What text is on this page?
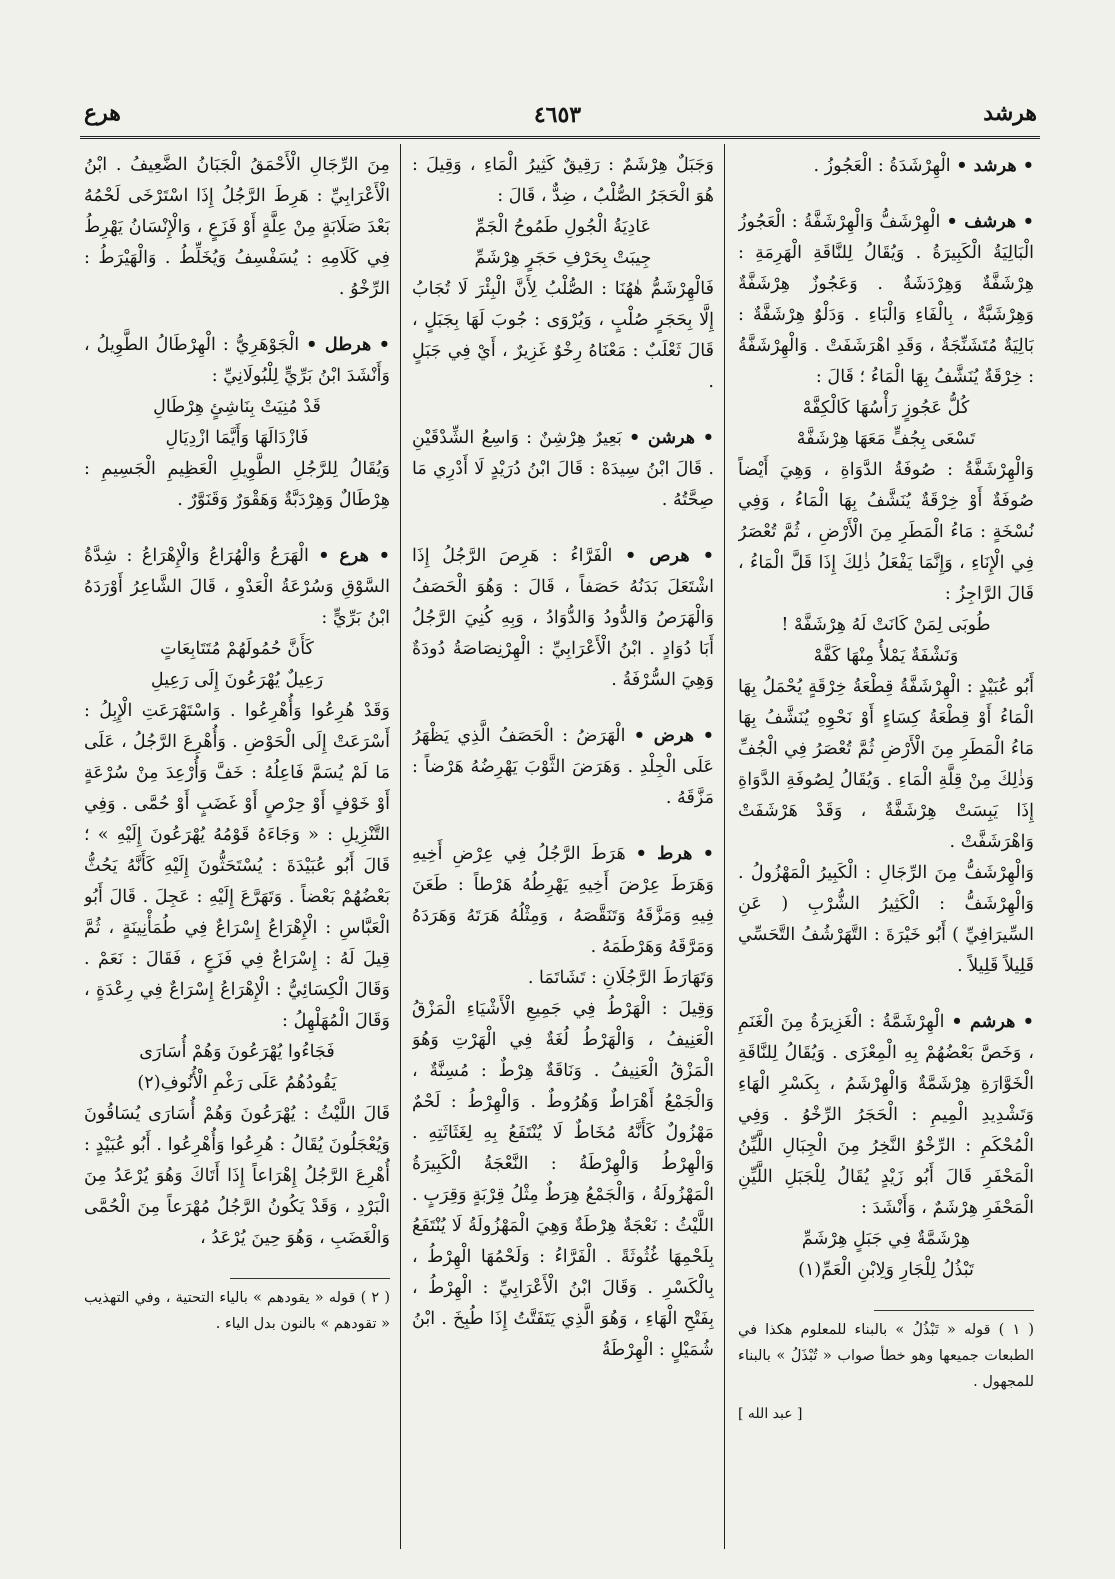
هرشد
٤٦٥٣
هرع

• هرشد • الْهِرْشَدَةُ : الْعَجُوزُ .

• هرشف • الْهِرْشَفُّ وَالْهِرْشَفَّةُ : الْعَجُوزُ الْبَالِيَةُ الْكَبِيرَةُ . وَيُقَالُ لِلنَّاقَةِ الْهَرِمَةِ : هِرْشَفَّةٌ وَهِرْدَشَةٌ . وَعَجُوزٌ هِرْشَفَّةٌ وَهِرْشَبَّةٌ ، بِالْفَاءِ وَالْبَاءِ . وَدَلْوٌ هِرْشَفَّةٌ : بَالِيَةٌ مُتَشَنِّجَةٌ ، وَقَدِ اهْرَشَفَتْ . وَالْهِرْشَفَّةُ : خِرْقَةٌ يُنَشَّفُ بِهَا الْمَاءُ ؛ قَالَ :

كُلُّ عَجُوزٍ رَأْسُهَا كَالْكِفَّهْ

تَسْعَى بِجُفٍّ مَعَهَا هِرْشَفَّهْ

وَالْهِرْشَفَّةُ : صُوفَةُ الدَّوَاةِ ، وَهِيَ أَيْضاً صُوفَةٌ أَوْ خِرْقَةٌ يُنَشَّفُ بِهَا الْمَاءُ ، وَفِي نُسْخَةٍ : مَاءُ الْمَطَرِ مِنَ الْأَرْضِ ، ثُمَّ تُعْصَرُ فِي الْإِنَاءِ ، وَإِنَّمَا يَفْعَلُ ذٰلِكَ إِذَا قَلَّ الْمَاءُ ، قَالَ الرَّاجِزُ :

طُوبَى لِمَنْ كَانَتْ لَهُ هِرْشَفَّهْ !

وَنَشْفَةٌ يَمْلأُ مِنْهَا كَفَّهْ

أَبُو عُبَيْدٍ : الْهِرْشَفَّةُ قِطْعَةُ خِرْقَةٍ يُحْمَلُ بِهَا الْمَاءُ أَوْ قِطْعَةُ كِسَاءٍ أَوْ نَحْوِهِ يُنَشَّفُ بِهَا مَاءُ الْمَطَرِ مِنَ الْأَرْضِ ثُمَّ تُعْصَرُ فِي الْجُفِّ وَذٰلِكَ مِنْ قِلَّةِ الْمَاءِ . وَيُقَالُ لِصُوفَةِ الدَّوَاةِ إِذَا يَبِسَتْ هِرْشَفَّةٌ ، وَقَدْ هَرْشَفَتْ وَاهْرَشَفَّتْ .

وَالْهِرْشَفُّ مِنَ الرِّجَالِ : الْكَبِيرُ الْمَهْزُولُ . وَالْهِرْشَفُّ : الْكَثِيرُ الشُّرْبِ ( عَنِ السِّيرَافِيِّ ) أَبُو خَيْرَةَ : التَّهَرْشُفُ التَّحَسِّي قَلِيلاً قَلِيلاً .

• هرشم • الْهِرْشَمَّةُ : الْغَزِيرَةُ مِنَ الْغَنَمِ ، وَخَصَّ بَعْضُهُمْ بِهِ الْمِعْزَى . وَيُقَالُ لِلنَّاقَةِ الْخَوَّارَةِ هِرْشَمَّةٌ وَالْهِرْشَمُ ، بِكَسْرِ الْهَاءِ وَتَشْدِيدِ الْمِيمِ : الْحَجَرُ الرِّخْوُ . وَفِي الْمُحْكَمِ : الرِّخْوُ النَّخِرُ مِنَ الْجِبَالِ اللَّيِّنُ الْمَحْفَرِ قَالَ أَبُو زَيْدٍ يُقَالُ لِلْجَبَلِ اللَّيِّنِ الْمَحْفَرِ هِرْشَمٌ ، وَأَنْشَدَ :

هِرْشَمَّةٌ فِي جَبَلٍ هِرْشَمِّ

تَبْذُلُ لِلْجَارِ وَلِابْنِ الْعَمِّ(١)

( ١ ) قوله « تَبْذُلُ » بالبناء للمعلوم هكذا في الطبعات جميعها وهو خطأ صواب « تُبْذَلُ » بالبناء للمجهول .

[ عبد الله ]

وَجَبَلٌ هِرْشَمٌ : رَقِيقٌ كَثِيرُ الْمَاءِ ، وَقِيلَ : هُوَ الْحَجَرُ الصُّلْبُ ، ضِدٌّ ، قَالَ :

عَادِيَةُ الْجُولِ طَمُوحُ الْجَمِّ

جِيبَتْ بِحَرْفِ حَجَرٍ هِرْشَمِّ

فَالْهِرْشَمُّ هٰهُنَا : الصُّلْبُ لِأَنَّ الْبِئْرَ لَا تُجَابُ إِلَّا بِحَجَرٍ صُلْبٍ ، وَيُرْوَى : جُوبَ لَهَا بِجَبَلٍ ، قَالَ ثَعْلَبٌ : مَعْنَاهُ رِخْوٌ غَزِيرٌ ، أَيْ فِي جَبَلٍ .

• هرشن • بَعِيرٌ هِرْشِنٌ : وَاسِعُ الشِّدْقَيْنِ . قَالَ ابْنُ سِيدَهْ : قَالَ ابْنُ دُرَيْدٍ لَا أَدْرِي مَا صِحَّتُهُ .

• هرص • الْفَرَّاءُ : هَرِصَ الرَّجُلُ إِذَا اشْتَعَلَ بَدَنُهُ حَصَفاً ، قَالَ : وَهُوَ الْحَصَفُ وَالْهَرَصُ وَالدُّودُ وَالدُّوَادُ ، وَبِهِ كُنِيَ الرَّجُلُ أَبَا دُوَادٍ . ابْنُ الْأَعْرَابِيِّ : الْهِرْنِصَاصَةُ دُودَةٌ وَهِيَ السُّرْفَةُ .

• هرض • الْهَرَضُ : الْحَصَفُ الَّذِي يَظْهَرُ عَلَى الْجِلْدِ . وَهَرَضَ الثَّوْبَ يَهْرِضُهُ هَرْضاً : مَزَّقَهُ .

• هرط • هَرَطَ الرَّجُلُ فِي عِرْضِ أَخِيهِ وَهَرَطَ عِرْضَ أَخِيهِ يَهْرِطُهُ هَرْطاً : طَعَنَ فِيهِ وَمَزَّقَهُ وَتَنَقَّصَهُ ، وَمِثْلُهُ هَرَتَهُ وَهَرَدَهُ وَمَرَّقَهُ وَهَرْطَمَهُ .

وَتَهَارَطَ الرَّجُلَانِ : تَشَاتَمَا .

وَقِيلَ : الْهَرْطُ فِي جَمِيعِ الْأَشْيَاءِ الْمَزْقُ الْعَنِيفُ ، وَالْهَرْطُ لُغَةٌ فِي الْهَرْتِ وَهُوَ الْمَزْقُ الْعَنِيفُ . وَنَاقَةٌ هِرْطٌ : مُسِنَّةٌ ، وَالْجَمْعُ أَهْرَاطٌ وَهُرُوطٌ . وَالْهِرْطُ : لَحْمٌ مَهْزُولٌ كَأَنَّهُ مُخَاطٌ لَا يُنْتَفَعُ بِهِ لِغَثَاثَتِهِ . وَالْهِرْطُ وَالْهِرْطَةُ : النَّعْجَةُ الْكَبِيرَةُ الْمَهْزُولَةُ ، وَالْجَمْعُ هِرَطٌ مِثْلُ قِرْبَةٍ وَقِرَبٍ . اللَّيْثُ : نَعْجَةٌ هِرْطَةٌ وَهِيَ الْمَهْزُولَةُ لَا يُنْتَفَعُ بِلَحْمِهَا غُثُوثَةً . الْفَرَّاءُ : وَلَحْمُهَا الْهِرْطُ ، بِالْكَسْرِ . وَقَالَ ابْنُ الْأَعْرَابِيِّ : الْهِرْطُ ، بِفَتْحِ الْهَاءِ ، وَهُوَ الَّذِي يَتَفَتَّتُ إِذَا طُبِخَ . ابْنُ شُمَيْلٍ : الْهِرْطَةُ

مِنَ الرِّجَالِ الْأَحْمَقُ الْجَبَانُ الضَّعِيفُ . ابْنُ الْأَعْرَابِيِّ : هَرِطَ الرَّجُلُ إِذَا اسْتَرْخَى لَحْمُهُ بَعْدَ صَلَابَةٍ مِنْ عِلَّةٍ أَوْ فَزَعٍ ، وَالْإِنْسَانُ يَهْرِطُ فِي كَلَامِهِ : يُسَفْسِفُ وَيُخَلِّطُ . وَالْهَيْرَطُ : الرِّخْوُ .

• هرطل • الْجَوْهَرِيُّ : الْهِرْطَالُ الطَّوِيلُ ، وَأَنْشَدَ ابْنُ بَرِّيٍّ لِلْبُولَانِيِّ :

قَدْ مُنِيَتْ بِنَاشِئٍ هِرْطَالِ

فَازْدَالَهَا وَأَيَّمَا ازْدِيَالِ

وَيُقَالُ لِلرَّجُلِ الطَّوِيلِ الْعَظِيمِ الْجَسِيمِ : هِرْطَالٌ وَهِرْدَبَّةٌ وَهَقْوَرٌ وَقَنَوَّرٌ .

• هرع • الْهَرَعُ وَالْهُرَاعُ وَالْإِهْرَاعُ : شِدَّةُ السَّوْقِ وَسُرْعَةُ الْعَدْوِ ، قَالَ الشَّاعِرُ أَوْرَدَهُ ابْنُ بَرِّيٍّ :

كَأَنَّ حُمُولَهُمْ مُتَتَابِعَاتٍ

رَعِيلٌ يُهْرَعُونَ إِلَى رَعِيلِ

وَقَدْ هُرِعُوا وَأُهْرِعُوا . وَاسْتَهْرَعَتِ الْإِبِلُ : أَسْرَعَتْ إِلَى الْحَوْضِ . وَأُهْرِعَ الرَّجُلُ ، عَلَى مَا لَمْ يُسَمَّ فَاعِلُهُ : خَفَّ وَأُرْعِدَ مِنْ سُرْعَةٍ أَوْ خَوْفٍ أَوْ حِرْصٍ أَوْ غَضَبٍ أَوْ حُمَّى . وَفِي التَّنْزِيلِ : « وَجَاءَهُ قَوْمُهُ يُهْرَعُونَ إِلَيْهِ » ؛ قَالَ أَبُو عُبَيْدَةَ : يُسْتَحَثُّونَ إِلَيْهِ كَأَنَّهُ يَحُثُّ بَعْضُهُمْ بَعْضاً . وَتَهَرَّعَ إِلَيْهِ : عَجِلَ . قَالَ أَبُو الْعَبَّاسِ : الْإِهْرَاعُ إِسْرَاعٌ فِي طُمَأْنِينَةٍ ، ثُمَّ قِيلَ لَهُ : إِسْرَاعٌ فِي فَزَعٍ ، فَقَالَ : نَعَمْ . وَقَالَ الْكِسَائِيُّ : الْإِهْرَاعُ إِسْرَاعٌ فِي رِعْدَةٍ ، وَقَالَ الْمُهَلْهِلُ :

فَجَاءُوا يُهْرَعُونَ وَهُمْ أُسَارَى

يَقُودُهُمُ عَلَى رَغْمِ الْأُنُوفِ(٢)

قَالَ اللَّيْثُ : يُهْرَعُونَ وَهُمْ أُسَارَى يُسَاقُونَ وَيُعْجَلُونَ يُقَالُ : هُرِعُوا وَأُهْرِعُوا . أَبُو عُبَيْدٍ : أُهْرِعَ الرَّجُلُ إِهْرَاعاً إِذَا أَتَاكَ وَهُوَ يُرْعَدُ مِنَ الْبَرْدِ ، وَقَدْ يَكُونُ الرَّجُلُ مُهْرَعاً مِنَ الْحُمَّى وَالْغَضَبِ ، وَهُوَ حِينَ يُرْعَدُ ،

( ٢ ) قوله « يقودهم » بالياء التحتية ، وفي التهذيب « تقودهم » بالنون بدل الياء .
